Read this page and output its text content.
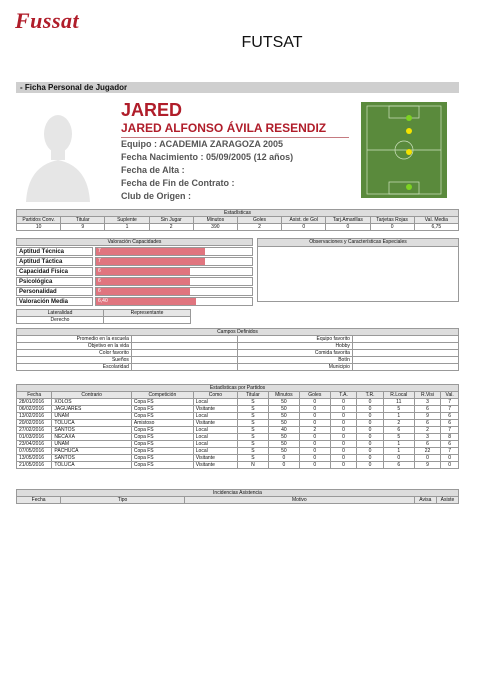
Fussat
FUTSAT
- Ficha Personal de Jugador
JARED
JARED ALFONSO ÁVILA RESENDIZ
Equipo : ACADEMIA ZARAGOZA 2005
Fecha Nacimiento : 05/09/2005 (12 años)
Fecha de Alta :
Fecha de Fin de Contrato :
Club de Origen :
Estadísticas									
Partidos Conv.	Titular	Suplente	Sin Jugar	Minutos	Goles	Asist. de Gol	Tarj.Amarillas	Tarjetas Rojas	Val. Media
10	9	1	2	390	2	0	0	0	6,75
Valoración Capacidades
Aptitud Técnica	7
Aptitud Táctica	7
Capacidad Física	6
Psicológica	6
Personalidad	6
Valoración Media	6,40
Observaciones y Características Especiales
Lateralidad	Representante
Derecho	
Campos Definidos			
Promedio en la escuela		Equipo favorito	
Objetivo en la vida		Hobby	
Color favorito		Comida favorita	
Sueños		Botín	
Escolaridad		Municipio	
Estadísticas por Partidos											
Fecha	Contrario	Competición	Como	Titular	Minutos	Goles	T.A.	T.R.	R.Local	R.Visi	Val.
28/01/2016	XOLOS	Copa FS	Local	S	50	0	0	0	11	3	7
06/02/2016	JAGUARES	Copa FS	Visitante	S	50	0	0	0	5	6	7
13/02/2016	UNAM	Copa FS	Local	S	50	0	0	0	1	9	6
20/02/2016	TOLUCA	Amistoso	Visitante	S	50	0	0	0	2	6	6
27/02/2016	SANTOS	Copa FS	Local	S	40	2	0	0	6	2	7
01/03/2016	NECAXA	Copa FS	Local	S	50	0	0	0	5	3	8
23/04/2016	UNAM	Copa FS	Local	S	50	0	0	0	1	6	6
07/05/2016	PACHUCA	Copa FS	Local	S	50	0	0	0	1	22	7
13/05/2016	SANTOS	Copa FS	Visitante	S	0	0	0	0	0	0	0
21/05/2016	TOLUCA	Copa FS	Visitante	N	0	0	0	0	6	9	0
Incidencias Asistencia
Fecha	Tipo	Motivo	Avisa	Asiste
